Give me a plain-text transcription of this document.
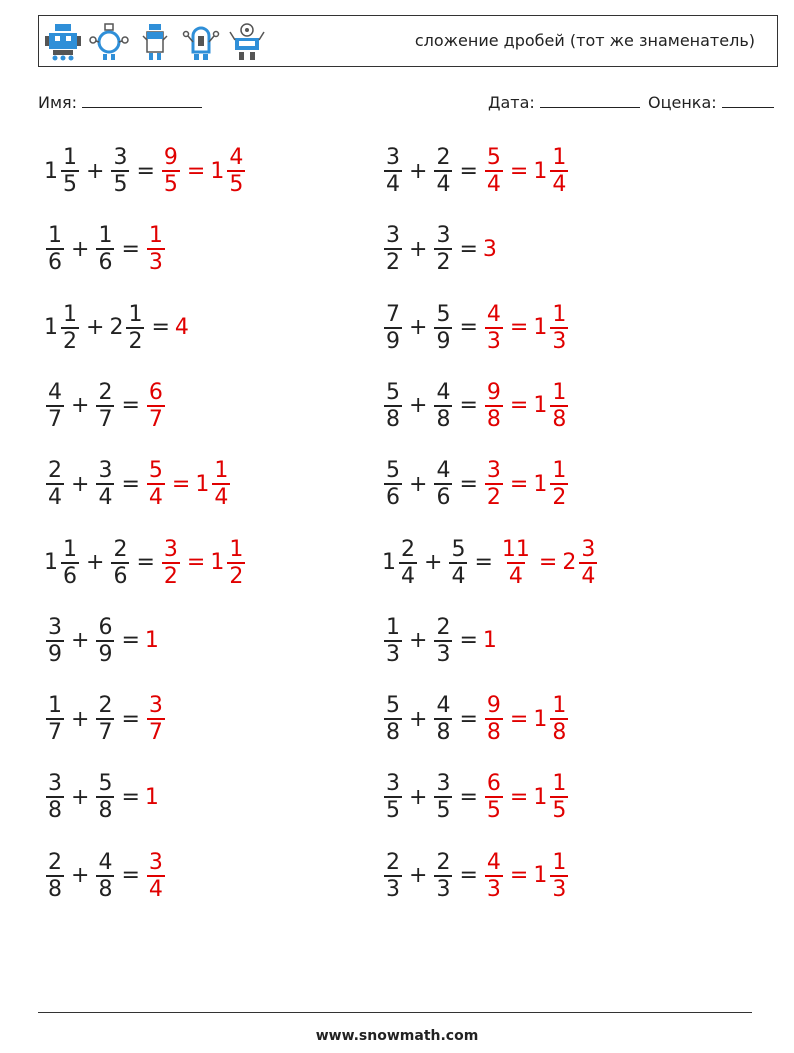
сложение дробей (тот же знаменатель)
Имя:	Дата:	Оценка:
$1 \frac{1}{5} + \frac{3}{5} = \frac{9}{5} = 1 \frac{4}{5}$	$\frac{3}{4} + \frac{2}{4} = \frac{5}{4} = 1 \frac{1}{4}$
$\frac{1}{6} + \frac{1}{6} = \frac{1}{3}$	$\frac{3}{2} + \frac{3}{2} = 3$
$1 \frac{1}{2} + 2 \frac{1}{2} = 4$	$\frac{7}{9} + \frac{5}{9} = \frac{4}{3} = 1 \frac{1}{3}$
$\frac{4}{7} + \frac{2}{7} = \frac{6}{7}$	$\frac{5}{8} + \frac{4}{8} = \frac{9}{8} = 1 \frac{1}{8}$
$\frac{2}{4} + \frac{3}{4} = \frac{5}{4} = 1 \frac{1}{4}$	$\frac{5}{6} + \frac{4}{6} = \frac{3}{2} = 1 \frac{1}{2}$
$1 \frac{1}{6} + \frac{2}{6} = \frac{3}{2} = 1 \frac{1}{2}$	$1 \frac{2}{4} + \frac{5}{4} = \frac{11}{4} = 2 \frac{3}{4}$
$\frac{3}{9} + \frac{6}{9} = 1$	$\frac{1}{3} + \frac{2}{3} = 1$
$\frac{1}{7} + \frac{2}{7} = \frac{3}{7}$	$\frac{5}{8} + \frac{4}{8} = \frac{9}{8} = 1 \frac{1}{8}$
$\frac{3}{8} + \frac{5}{8} = 1$	$\frac{3}{5} + \frac{3}{5} = \frac{6}{5} = 1 \frac{1}{5}$
$\frac{2}{8} + \frac{4}{8} = \frac{3}{4}$	$\frac{2}{3} + \frac{2}{3} = \frac{4}{3} = 1 \frac{1}{3}$
www.snowmath.com
